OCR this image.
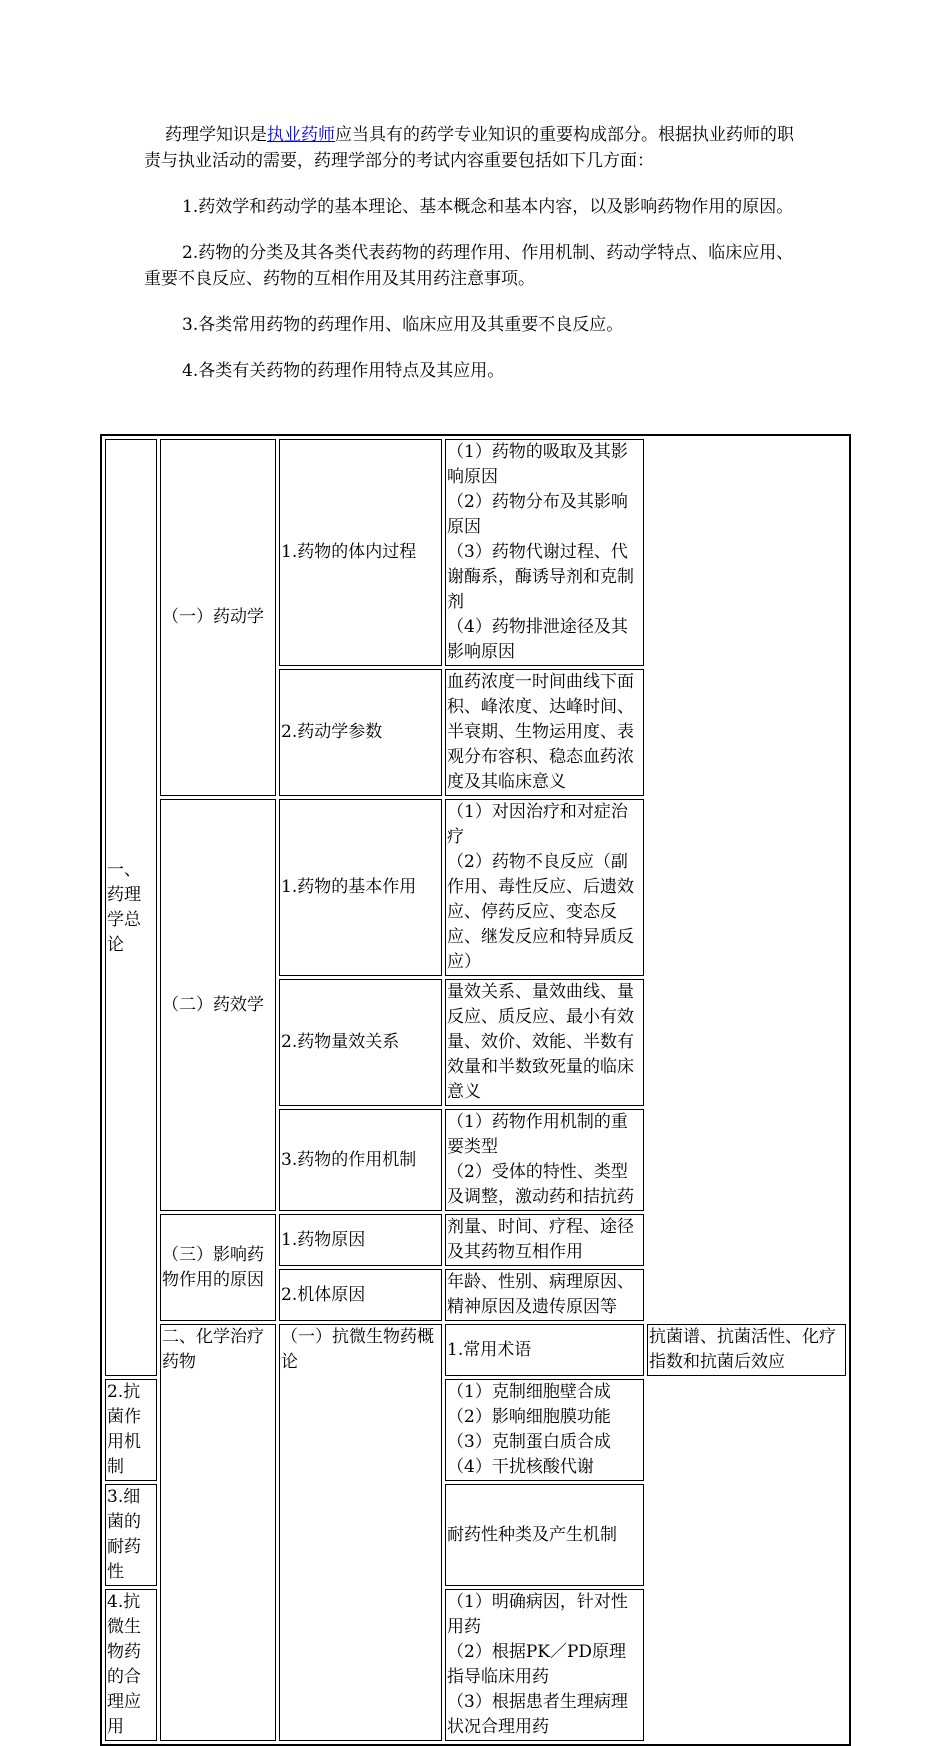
药理学知识是执业药师应当具有的药学专业知识的重要构成部分。根据执业药师的职责与执业活动的需要，药理学部分的考试内容重要包括如下几方面：

1.药效学和药动学的基本理论、基本概念和基本内容，以及影响药物作用的原因。

2.药物的分类及其各类代表药物的药理作用、作用机制、药动学特点、临床应用、重要不良反应、药物的互相作用及其用药注意事项。

3.各类常用药物的药理作用、临床应用及其重要不良反应。

4.各类有关药物的药理作用特点及其应用。

一、药理学总论	（一）药动学	1.药物的体内过程	（1）药物的吸取及其影响原因
（2）药物分布及其影响原因
（3）药物代谢过程、代谢酶系，酶诱导剂和克制剂
（4）药物排泄途径及其影响原因	

		2.药动学参数	血药浓度一时间曲线下面积、峰浓度、达峰时间、半衰期、生物运用度、表观分布容积、稳态血药浓度及其临床意义	

	（二）药效学	1.药物的基本作用	（1）对因治疗和对症治疗
（2）药物不良反应（副作用、毒性反应、后遗效应、停药反应、变态反应、继发反应和特异质反应）	

		2.药物量效关系	量效关系、量效曲线、量反应、质反应、最小有效量、效价、效能、半数有效量和半数致死量的临床意义	

		3.药物的作用机制	（1）药物作用机制的重要类型
（2）受体的特性、类型及调整，激动药和拮抗药	

	（三）影响药物作用的原因	1.药物原因	剂量、时间、疗程、途径及其药物互相作用	

		2.机体原因	年龄、性别、病理原因、精神原因及遗传原因等	

	二、化学治疗药物	（一）抗微生物药概论	1.常用术语	抗菌谱、抗菌活性、化疗指数和抗菌后效应

2.抗菌作用机制			（1）克制细胞壁合成
（2）影响细胞膜功能
（3）克制蛋白质合成
（4）干扰核酸代谢	

3.细菌的耐药性			耐药性种类及产生机制	

4.抗微生物药的合理应用			（1）明确病因，针对性用药
（2）根据PK／PD原理指导临床用药
（3）根据患者生理病理状况合理用药	
